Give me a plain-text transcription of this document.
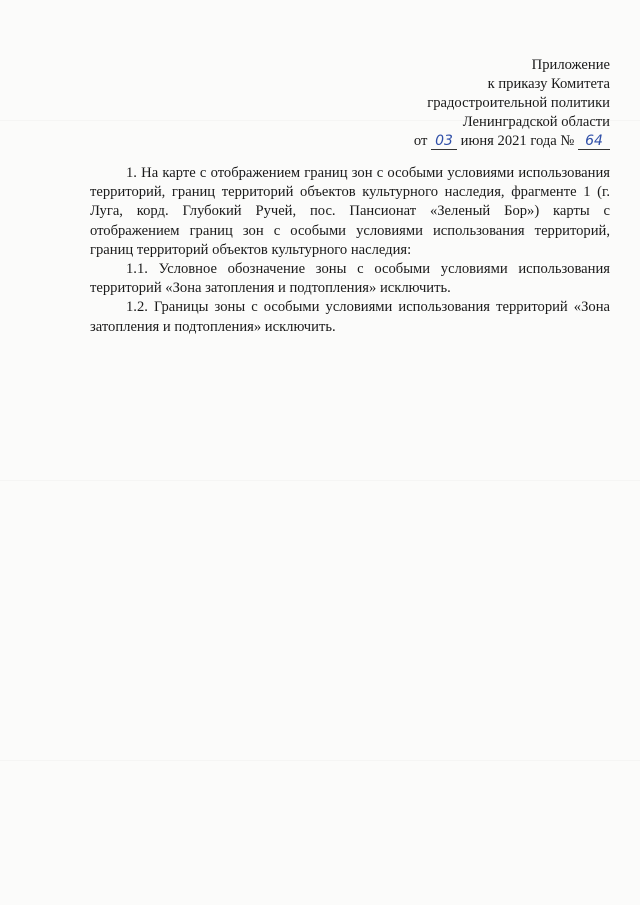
Приложение
к приказу Комитета
градостроительной политики
Ленинградской области
от 03 июня 2021 года № 64

1. На карте с отображением границ зон с особыми условиями использования территорий, границ территорий объектов культурного наследия, фрагменте 1 (г. Луга, корд. Глубокий Ручей, пос. Пансионат «Зеленый Бор») карты с отображением границ зон с особыми условиями использования территорий, границ территорий объектов культурного наследия:

1.1. Условное обозначение зоны с особыми условиями использования территорий «Зона затопления и подтопления» исключить.

1.2. Границы зоны с особыми условиями использования территорий «Зона затопления и подтопления» исключить.
